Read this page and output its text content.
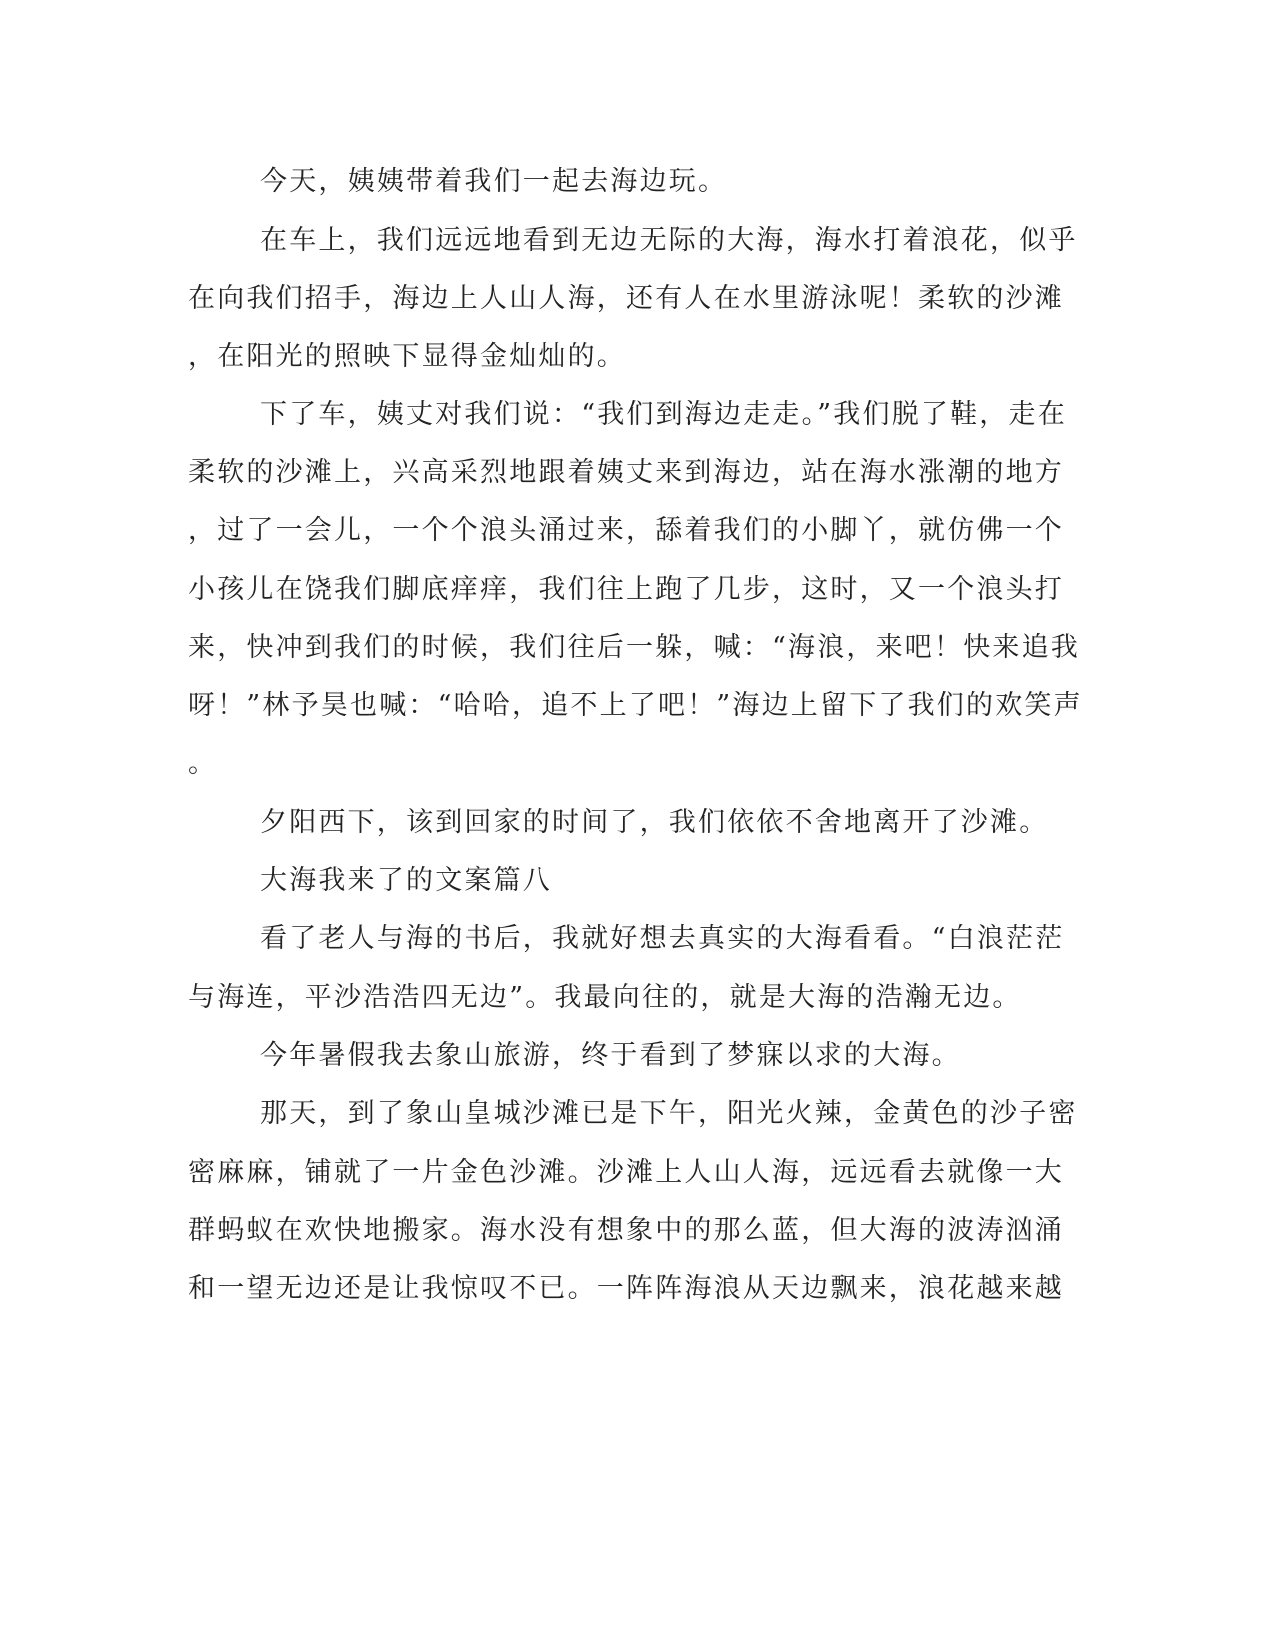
今天，姨姨带着我们一起去海边玩。

在车上，我们远远地看到无边无际的大海，海水打着浪花，似乎

在向我们招手，海边上人山人海，还有人在水里游泳呢！柔软的沙滩

，在阳光的照映下显得金灿灿的。

下了车，姨丈对我们说：“我们到海边走走。”我们脱了鞋，走在

柔软的沙滩上，兴高采烈地跟着姨丈来到海边，站在海水涨潮的地方

，过了一会儿，一个个浪头涌过来，舔着我们的小脚丫，就仿佛一个

小孩儿在饶我们脚底痒痒，我们往上跑了几步，这时，又一个浪头打

来，快冲到我们的时候，我们往后一躲，喊：“海浪，来吧！快来追我

呀！”林予昊也喊：“哈哈，追不上了吧！”海边上留下了我们的欢笑声

。

夕阳西下，该到回家的时间了，我们依依不舍地离开了沙滩。

大海我来了的文案篇八

看了老人与海的书后，我就好想去真实的大海看看。“白浪茫茫

与海连，平沙浩浩四无边”。我最向往的，就是大海的浩瀚无边。

今年暑假我去象山旅游，终于看到了梦寐以求的大海。

那天，到了象山皇城沙滩已是下午，阳光火辣，金黄色的沙子密

密麻麻，铺就了一片金色沙滩。沙滩上人山人海，远远看去就像一大

群蚂蚁在欢快地搬家。海水没有想象中的那么蓝，但大海的波涛汹涌

和一望无边还是让我惊叹不已。一阵阵海浪从天边飘来，浪花越来越
